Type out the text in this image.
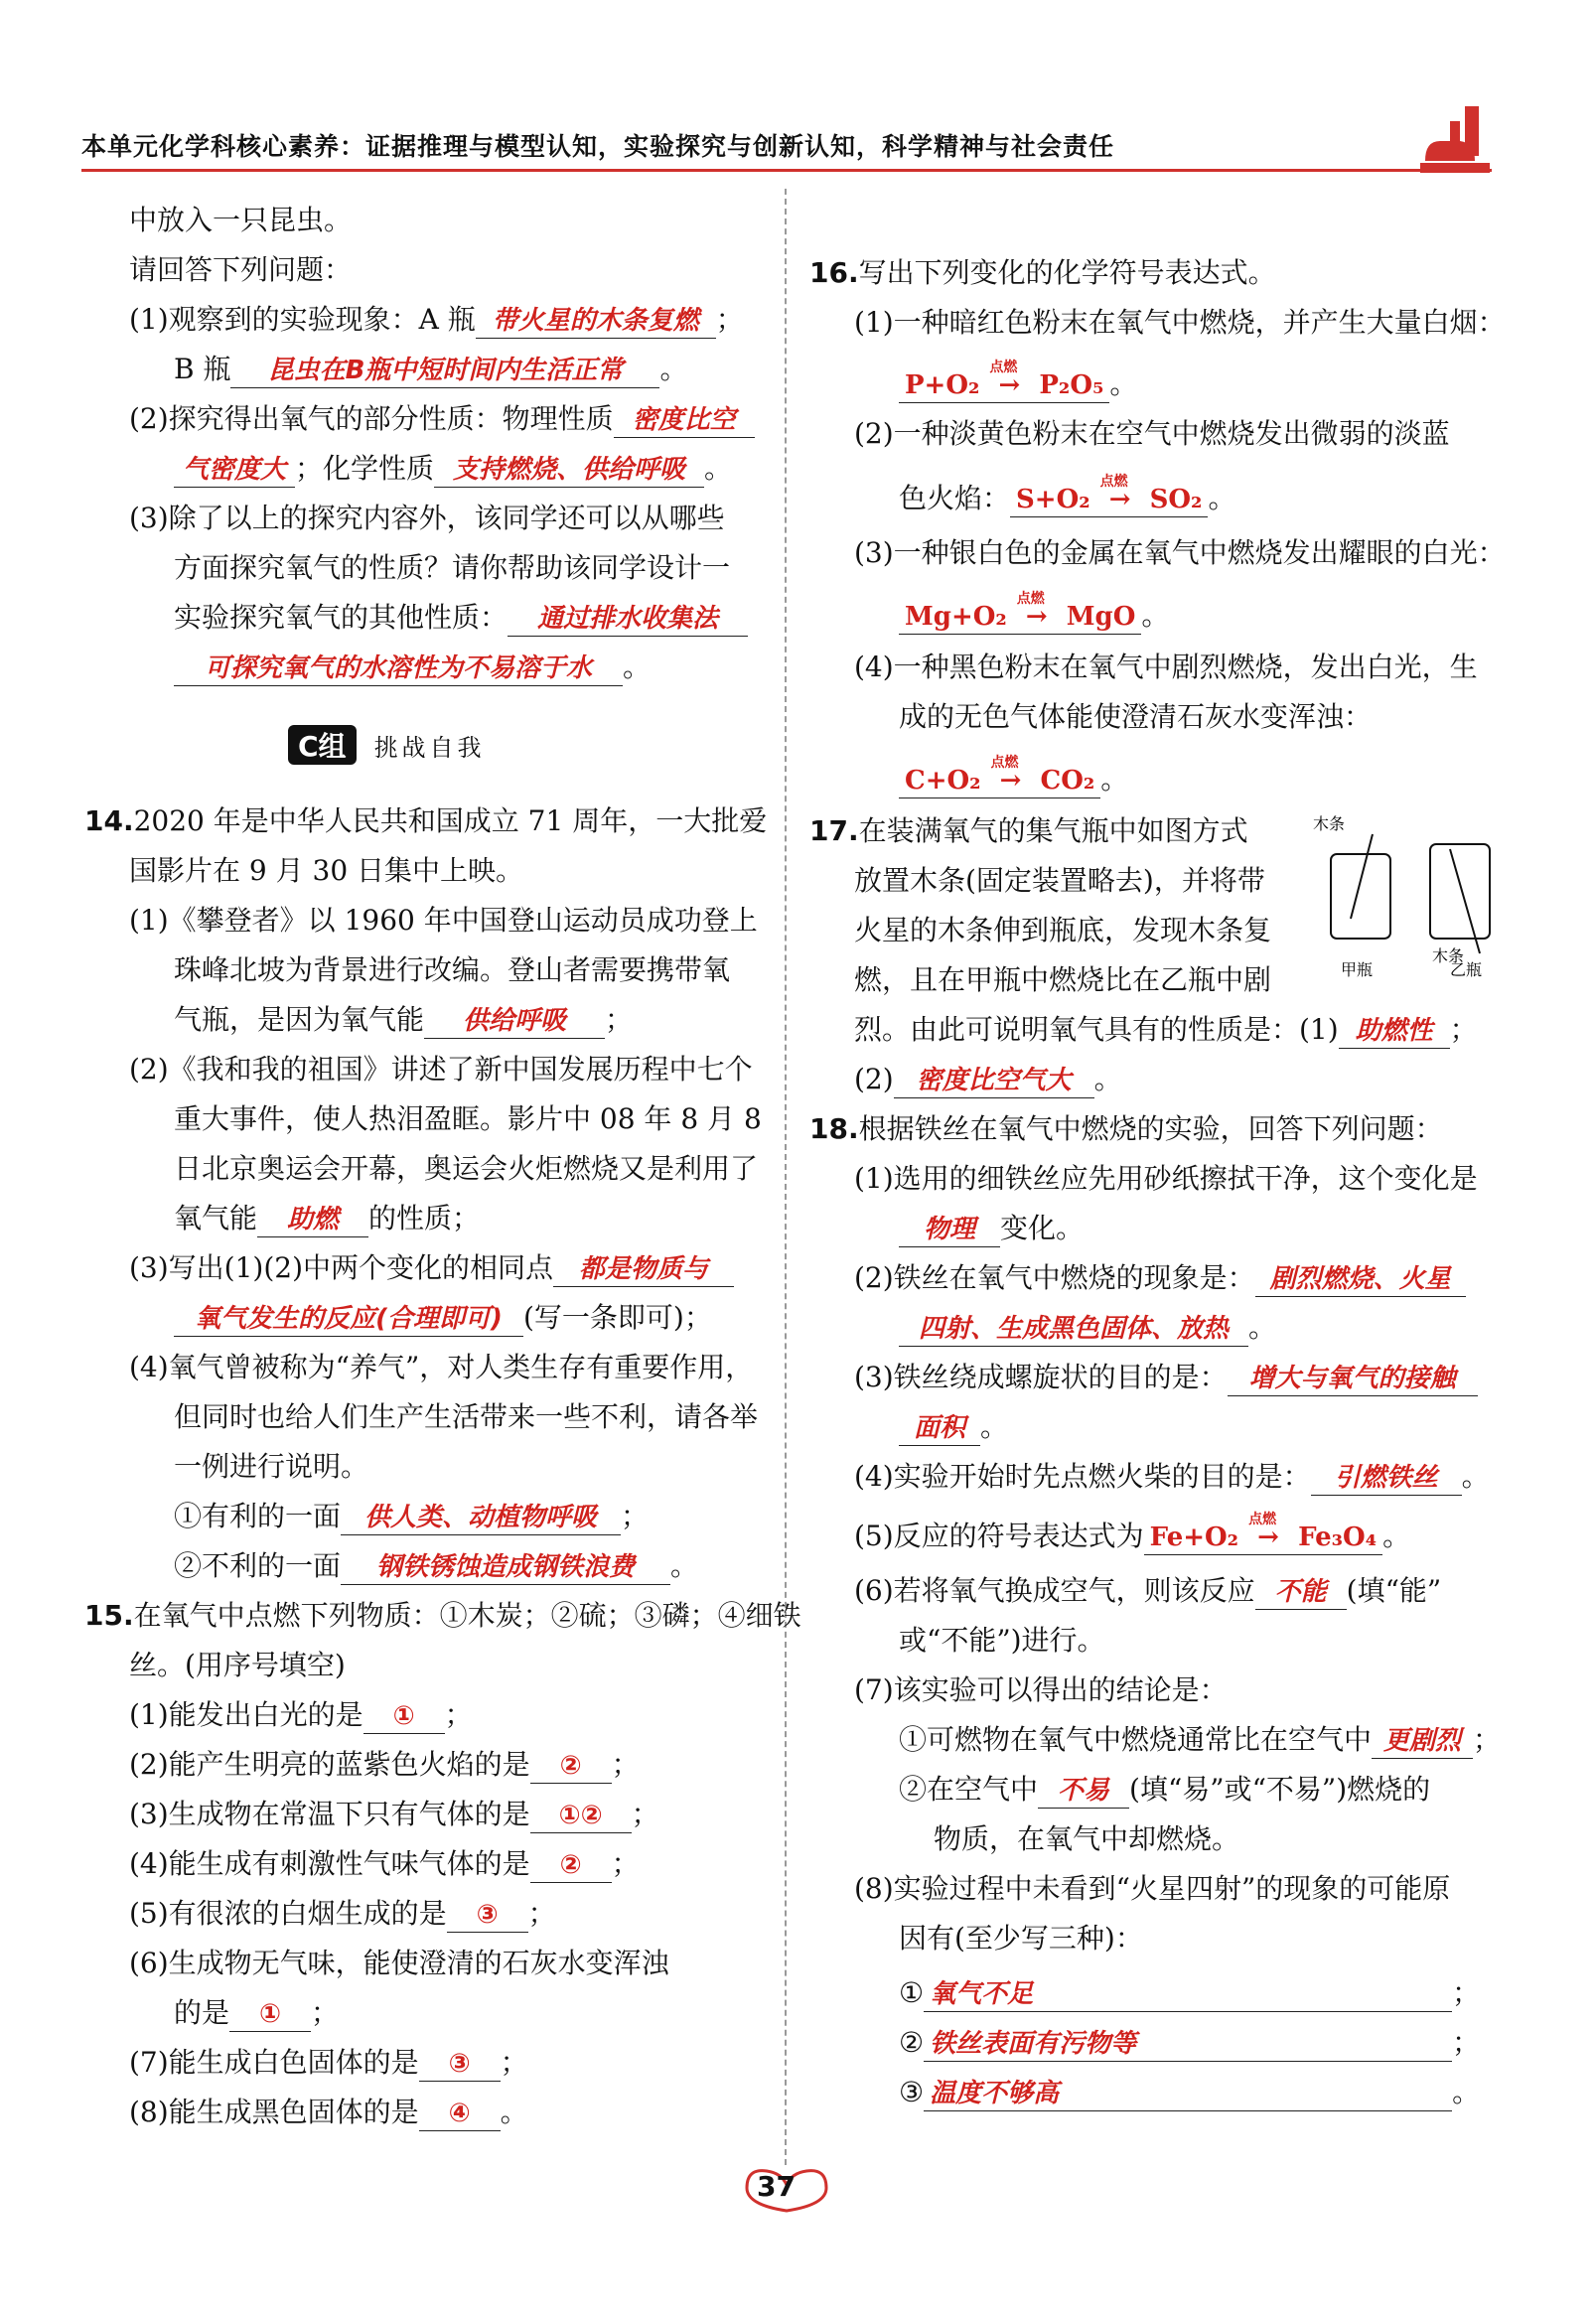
本单元化学科核心素养：证据推理与模型认知，实验探究与创新认知，科学精神与社会责任
中放入一只昆虫。
请回答下列问题：
(1)观察到的实验现象：A 瓶 带火星的木条复燃 ；
B 瓶 昆虫在B瓶中短时间内生活正常 。
(2)探究得出氧气的部分性质：物理性质 密度比空
气密度大 ；化学性质 支持燃烧、供给呼吸 。
(3)除了以上的探究内容外，该同学还可以从哪些
方面探究氧气的性质？请你帮助该同学设计一
实验探究氧气的其他性质： 通过排水收集法
可探究氧气的水溶性为不易溶于水 。
C组 挑战自我
14.2020 年是中华人民共和国成立 71 周年，一大批爱
国影片在 9 月 30 日集中上映。
(1)《攀登者》以 1960 年中国登山运动员成功登上
珠峰北坡为背景进行改编。登山者需要携带氧
气瓶，是因为氧气能 供给呼吸 ；
(2)《我和我的祖国》讲述了新中国发展历程中七个
重大事件，使人热泪盈眶。影片中 08 年 8 月 8
日北京奥运会开幕，奥运会火炬燃烧又是利用了
氧气能 助燃 的性质；
(3)写出(1)(2)中两个变化的相同点 都是物质与
氧气发生的反应(合理即可) (写一条即可)；
(4)氧气曾被称为“养气”，对人类生存有重要作用，
但同时也给人们生产生活带来一些不利，请各举
一例进行说明。
①有利的一面 供人类、动植物呼吸 ；
②不利的一面 钢铁锈蚀造成钢铁浪费 。
15.在氧气中点燃下列物质：①木炭；②硫；③磷；④细铁
丝。(用序号填空)
(1)能发出白光的是 ① ；
(2)能产生明亮的蓝紫色火焰的是 ② ；
(3)生成物在常温下只有气体的是 ①② ；
(4)能生成有刺激性气味气体的是 ② ；
(5)有很浓的白烟生成的是 ③ ；
(6)生成物无气味，能使澄清的石灰水变浑浊
的是 ① ；
(7)能生成白色固体的是 ③ ；
(8)能生成黑色固体的是 ④ 。
16.写出下列变化的化学符号表达式。
(1)一种暗红色粉末在氧气中燃烧，并产生大量白烟：
P+O₂ →
点燃
P₂O₅ 。
(2)一种淡黄色粉末在空气中燃烧发出微弱的淡蓝
色火焰： S+O₂ →
点燃
SO₂ 。
(3)一种银白色的金属在氧气中燃烧发出耀眼的白光：
Mg+O₂ →
点燃
MgO 。
(4)一种黑色粉末在氧气中剧烈燃烧，发出白光，生
成的无色气体能使澄清石灰水变浑浊：
C+O₂ →
点燃
CO₂ 。
17.在装满氧气的集气瓶中如图方式
放置木条(固定装置略去)，并将带
火星的木条伸到瓶底，发现木条复
燃，且在甲瓶中燃烧比在乙瓶中剧
烈。由此可说明氧气具有的性质是：(1) 助燃性 ；
(2) 密度比空气大 。
木条
木条
甲瓶	乙瓶
18.根据铁丝在氧气中燃烧的实验，回答下列问题：
(1)选用的细铁丝应先用砂纸擦拭干净，这个变化是
物理 变化。
(2)铁丝在氧气中燃烧的现象是： 剧烈燃烧、火星
四射、生成黑色固体、放热 。
(3)铁丝绕成螺旋状的目的是： 增大与氧气的接触
面积 。
(4)实验开始时先点燃火柴的目的是： 引燃铁丝 。
(5)反应的符号表达式为 Fe+O₂ →
点燃
Fe₃O₄ 。
(6)若将氧气换成空气，则该反应 不能 (填“能”
或“不能”)进行。
(7)该实验可以得出的结论是：
①可燃物在氧气中燃烧通常比在空气中 更剧烈 ；
②在空气中 不易 (填“易”或“不易”)燃烧的
物质，在氧气中却燃烧。
(8)实验过程中未看到“火星四射”的现象的可能原
因有(至少写三种)：
① 氧气不足	；
② 铁丝表面有污物等	；
③ 温度不够高	。
37
